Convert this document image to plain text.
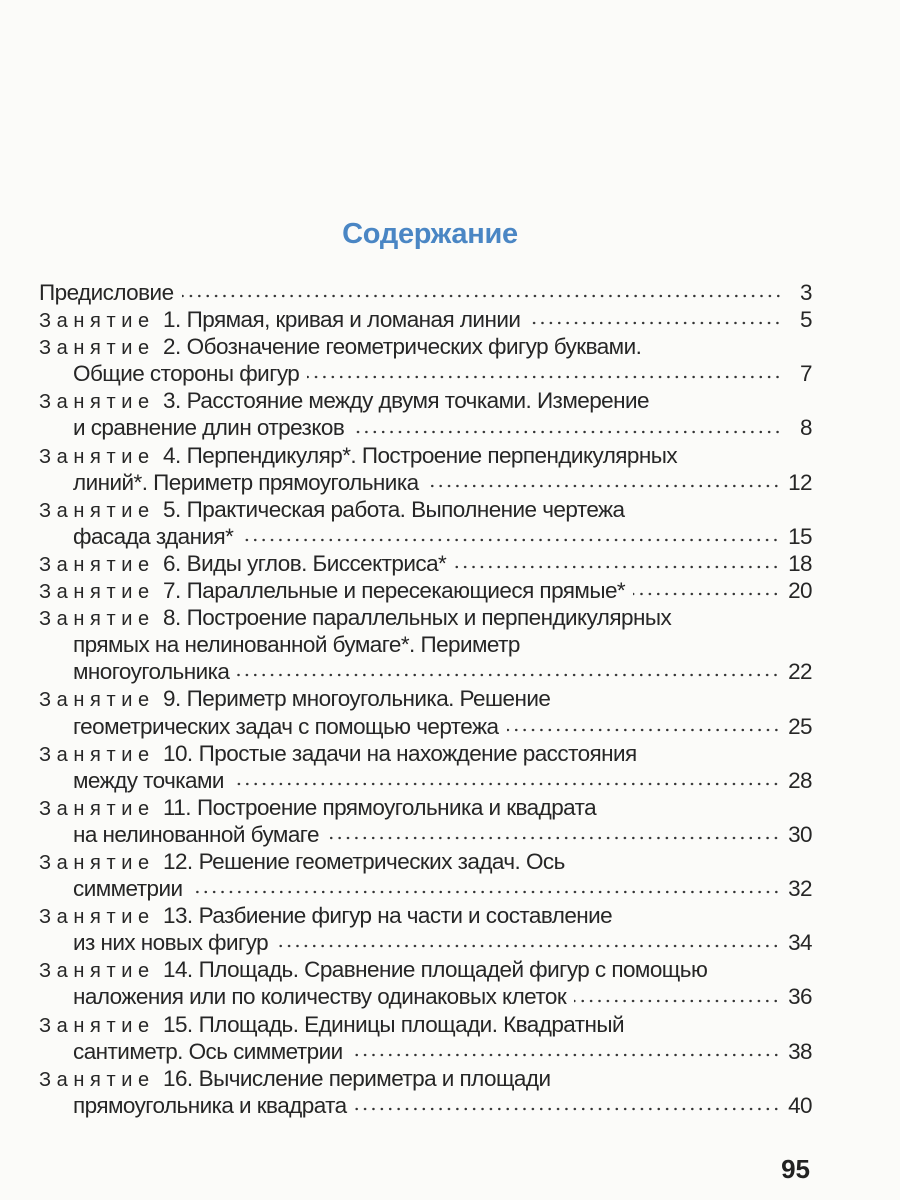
Содержание
Предисловие	3
Занятие 1. Прямая, кривая и ломаная линии	5
Занятие 2. Обозначение геометрических фигур буквами.
Общие стороны фигур	7
Занятие 3. Расстояние между двумя точками. Измерение
и сравнение длин отрезков	8
Занятие 4. Перпендикуляр*. Построение перпендикулярных
линий*. Периметр прямоугольника	12
Занятие 5. Практическая работа. Выполнение чертежа
фасада здания*	15
Занятие 6. Виды углов. Биссектриса*	18
Занятие 7. Параллельные и пересекающиеся прямые*	20
Занятие 8. Построение параллельных и перпендикулярных
прямых на нелинованной бумаге*. Периметр
многоугольника	22
Занятие 9. Периметр многоугольника. Решение
геометрических задач с помощью чертежа	25
Занятие 10. Простые задачи на нахождение расстояния
между точками	28
Занятие 11. Построение прямоугольника и квадрата
на нелинованной бумаге	30
Занятие 12. Решение геометрических задач. Ось
симметрии	32
Занятие 13. Разбиение фигур на части и составление
из них новых фигур	34
Занятие 14. Площадь. Сравнение площадей фигур с помощью
наложения или по количеству одинаковых клеток	36
Занятие 15. Площадь. Единицы площади. Квадратный
сантиметр. Ось симметрии	38
Занятие 16. Вычисление периметра и площади
прямоугольника и квадрата	40
95
